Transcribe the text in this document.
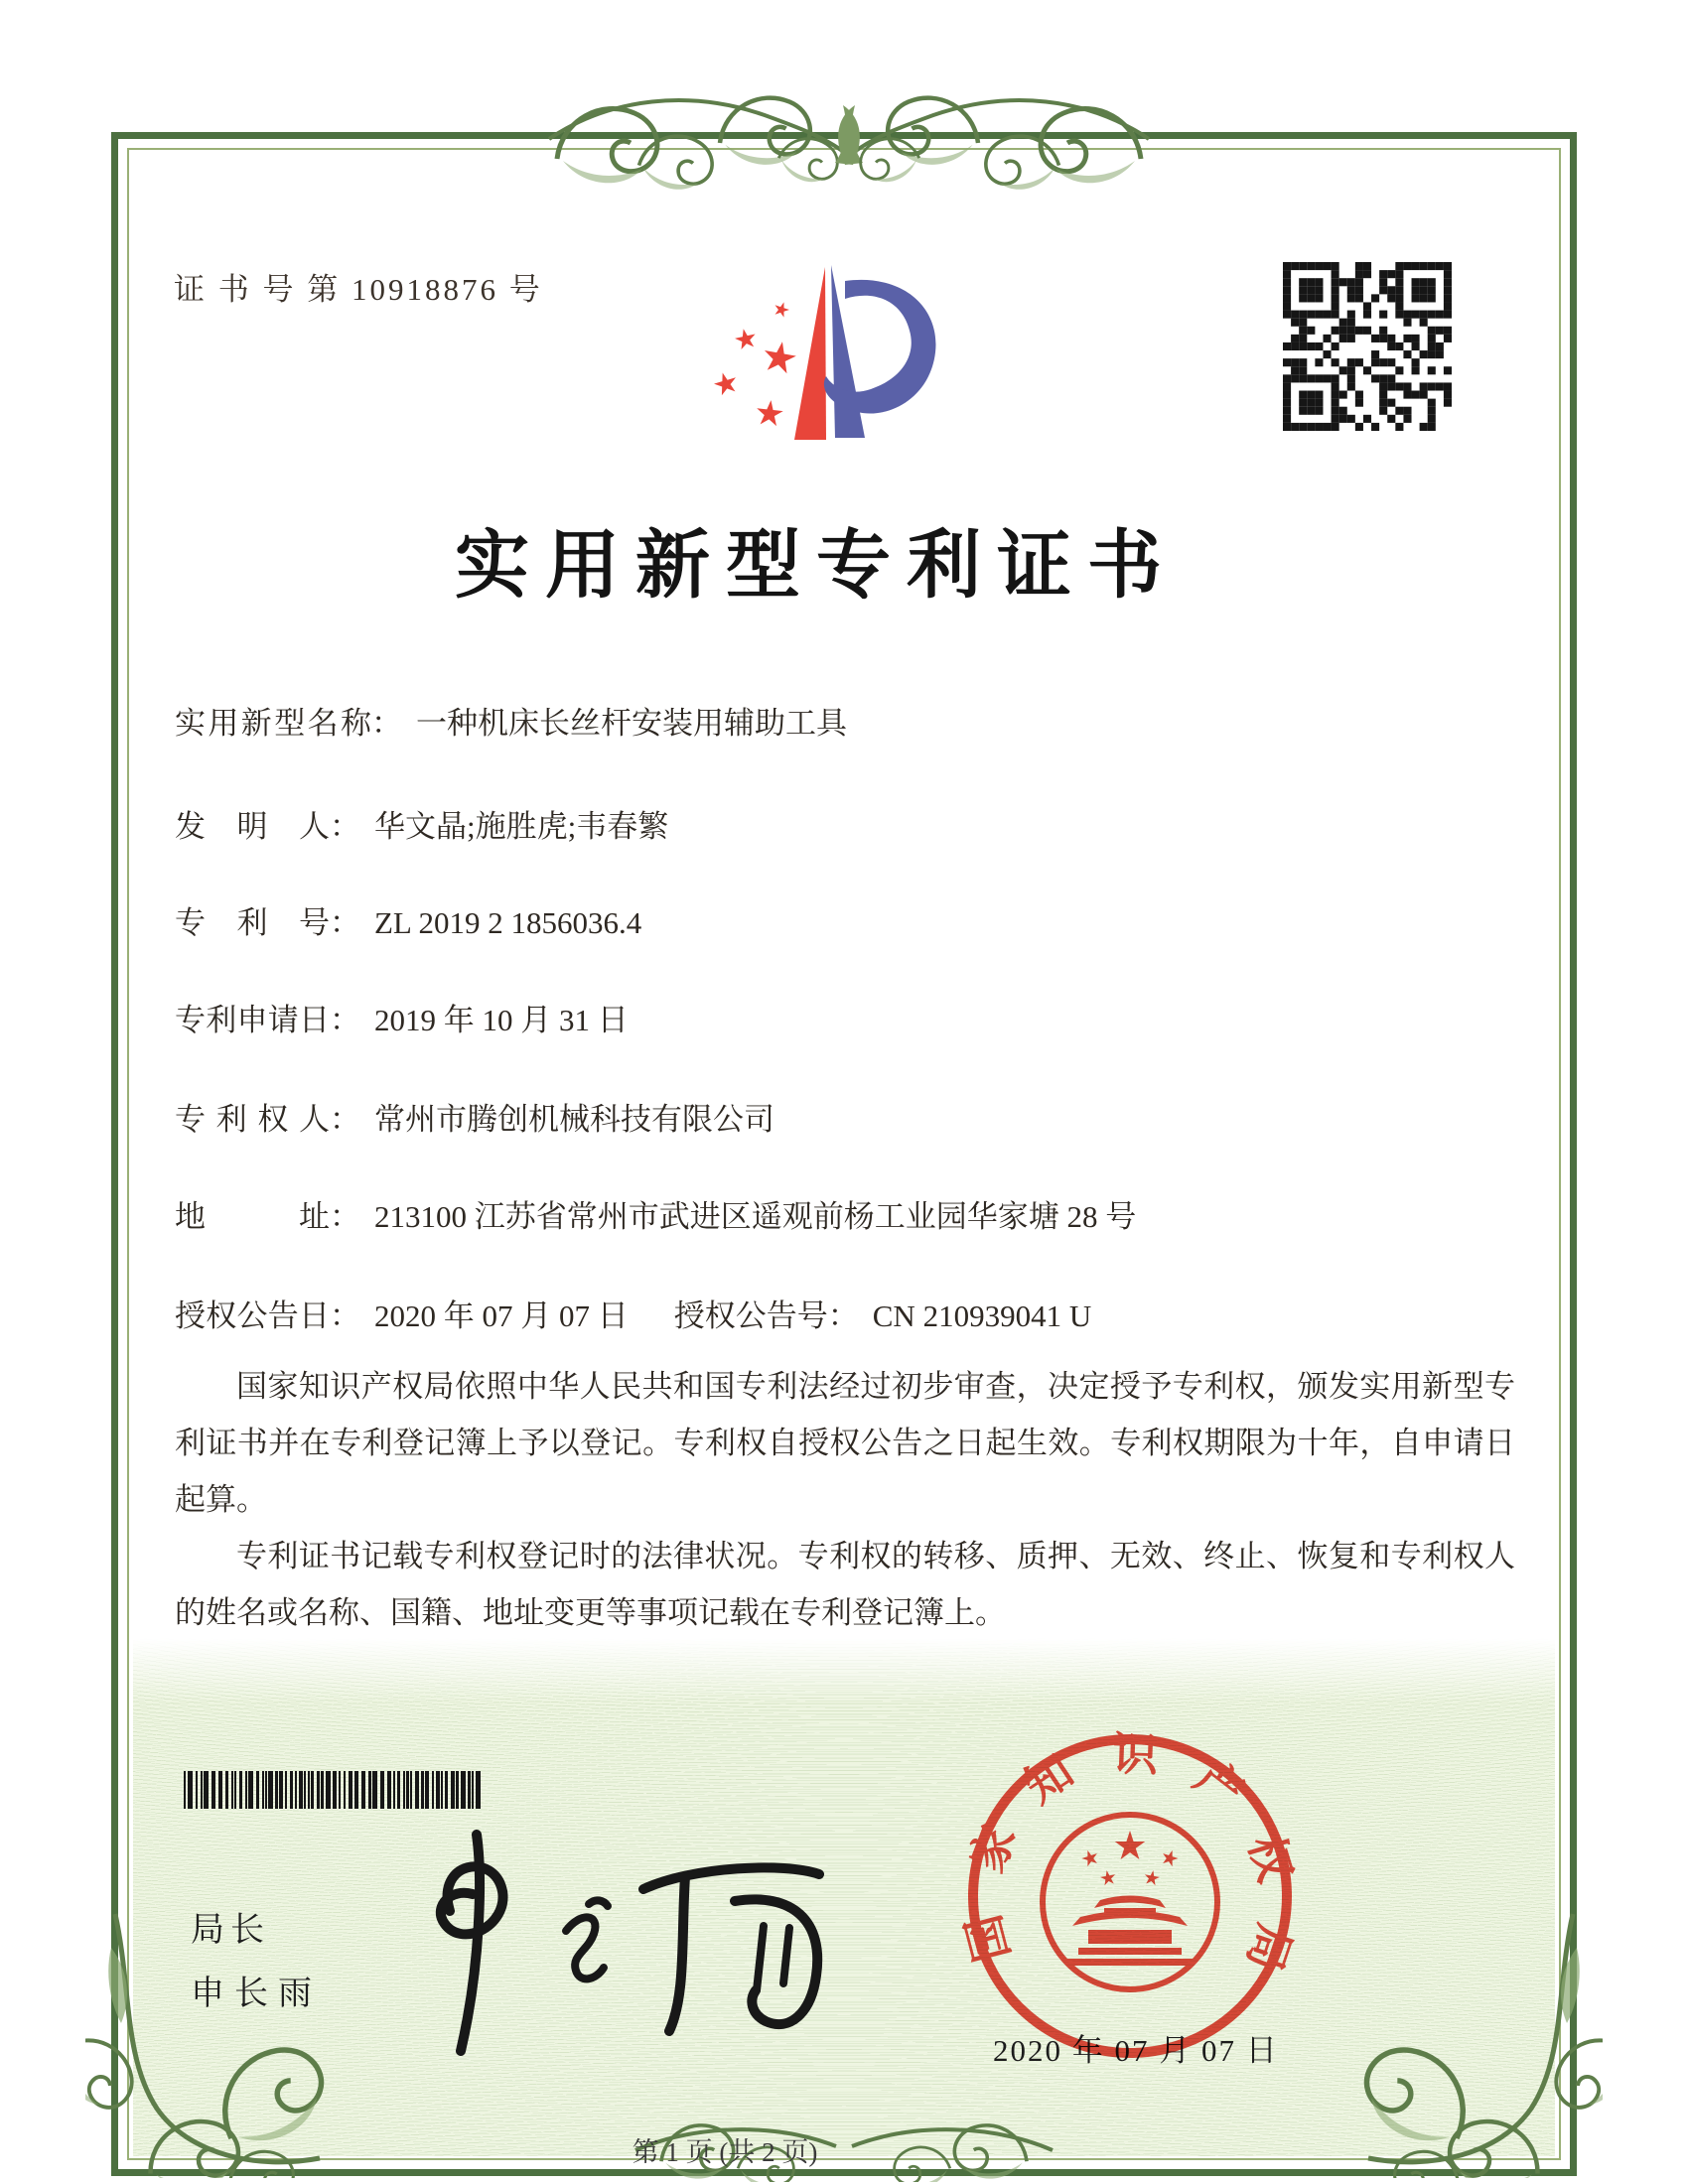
证 书 号 第 10918876 号
实用新型专利证书
实用新型名称： 一种机床长丝杆安装用辅助工具
发明人： 华文晶;施胜虎;韦春繁
专利号： ZL 2019 2 1856036.4
专利申请日： 2019 年 10 月 31 日
专利权人： 常州市腾创机械科技有限公司
地址： 213100 江苏省常州市武进区遥观前杨工业园华家塘 28 号
授权公告日： 2020 年 07 月 07 日 授权公告号： CN 210939041 U

国家知识产权局依照中华人民共和国专利法经过初步审查，决定授予专利权，颁发实用新型专利证书并在专利登记簿上予以登记。专利权自授权公告之日起生效。专利权期限为十年，自申请日起算。

专利证书记载专利权登记时的法律状况。专利权的转移、质押、无效、终止、恢复和专利权人的姓名或名称、国籍、地址变更等事项记载在专利登记簿上。

局长
申长雨
国家知识产权局
2020 年 07 月 07 日
第 1 页 (共 2 页)
